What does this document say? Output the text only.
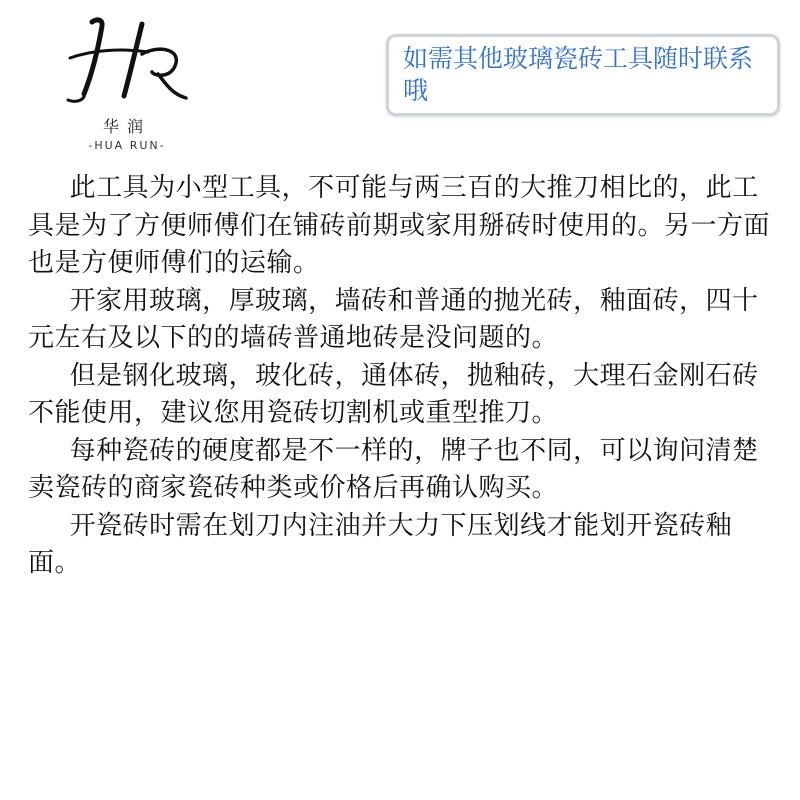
华润
-HUA RUN-
如需其他玻璃瓷砖工具随时联系哦

此工具为小型工具，不可能与两三百的大推刀相比的，此工具是为了方便师傅们在铺砖前期或家用掰砖时使用的。另一方面也是方便师傅们的运输。

开家用玻璃，厚玻璃，墙砖和普通的抛光砖，釉面砖，四十元左右及以下的的墙砖普通地砖是没问题的。

但是钢化玻璃，玻化砖，通体砖，抛釉砖，大理石金刚石砖不能使用，建议您用瓷砖切割机或重型推刀。

每种瓷砖的硬度都是不一样的，牌子也不同，可以询问清楚卖瓷砖的商家瓷砖种类或价格后再确认购买。

开瓷砖时需在划刀内注油并大力下压划线才能划开瓷砖釉面。
